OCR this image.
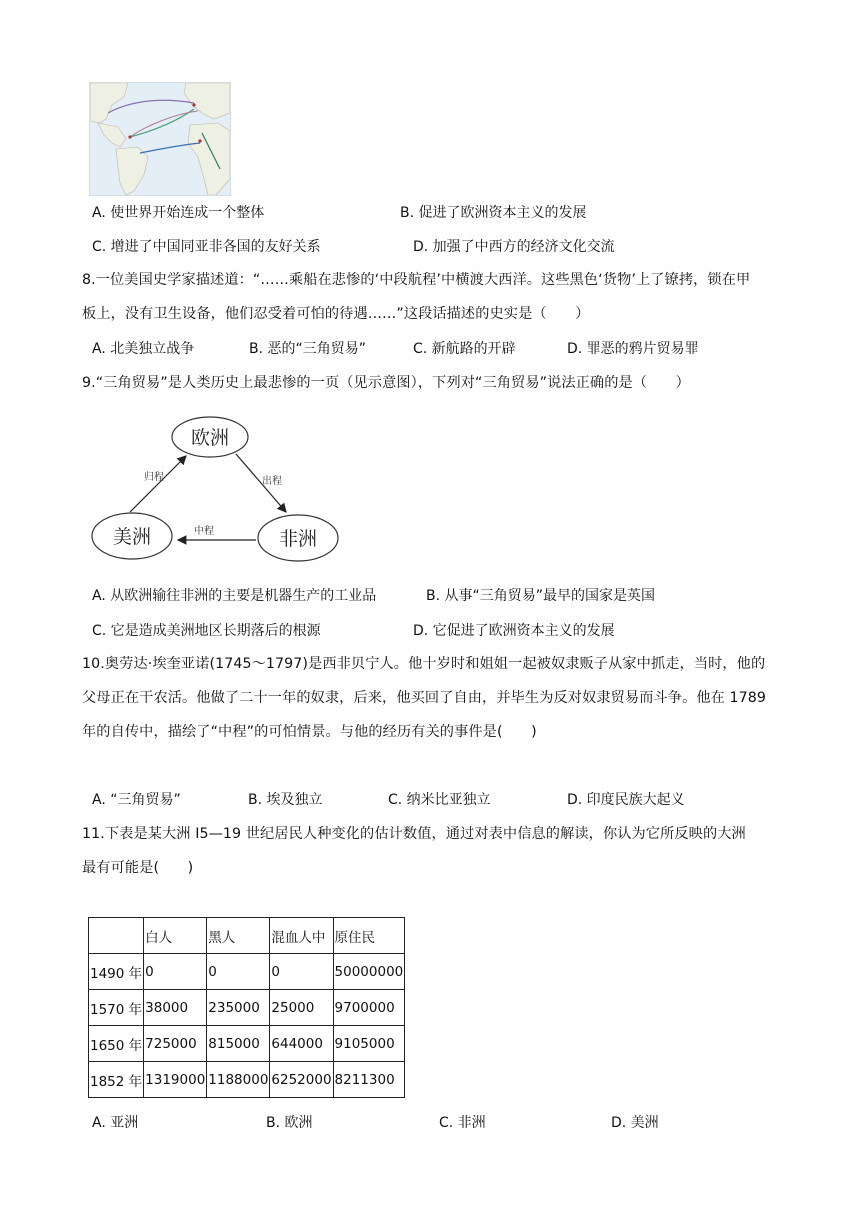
A. 使世界开始连成一个整体	B. 促进了欧洲资本主义的发展
C. 增进了中国同亚非各国的友好关系	D. 加强了中西方的经济文化交流
8.一位美国史学家描述道：“……乘船在悲惨的‘中段航程’中横渡大西洋。这些黑色‘货物’上了镣拷，锁在甲
板上，没有卫生设备，他们忍受着可怕的待遇……”这段话描述的史实是（　　）
A. 北美独立战争	B. 恶的“三角贸易”	C. 新航路的开辟	D. 罪恶的鸦片贸易罪
9.“三角贸易”是人类历史上最悲惨的一页（见示意图），下列对“三角贸易”说法正确的是（　　）
欧洲
美洲	非洲
归程	出程
中程
A. 从欧洲输往非洲的主要是机器生产的工业品	B. 从事“三角贸易”最早的国家是英国
C. 它是造成美洲地区长期落后的根源	D. 它促进了欧洲资本主义的发展
10.奥劳达·埃奎亚诺(1745～1797)是西非贝宁人。他十岁时和姐姐一起被奴隶贩子从家中抓走，当时，他的
父母正在干农活。他做了二十一年的奴隶，后来，他买回了自由，并毕生为反对奴隶贸易而斗争。他在 1789
年的自传中，描绘了“中程”的可怕情景。与他的经历有关的事件是(　　)
A. “三角贸易”	B. 埃及独立	C. 纳米比亚独立	D. 印度民族大起义
11.下表是某大洲 I5—19 世纪居民人种变化的估计数值，通过对表中信息的解读，你认为它所反映的大洲
最有可能是(　　)
	白人	黑人	混血人中	原住民
1490 年	0	0	0	50000000
1570 年	38000	235000	25000	9700000
1650 年	725000	815000	644000	9105000
1852 年	1319000	1188000	6252000	8211300
A. 亚洲	B. 欧洲	C. 非洲	D. 美洲
